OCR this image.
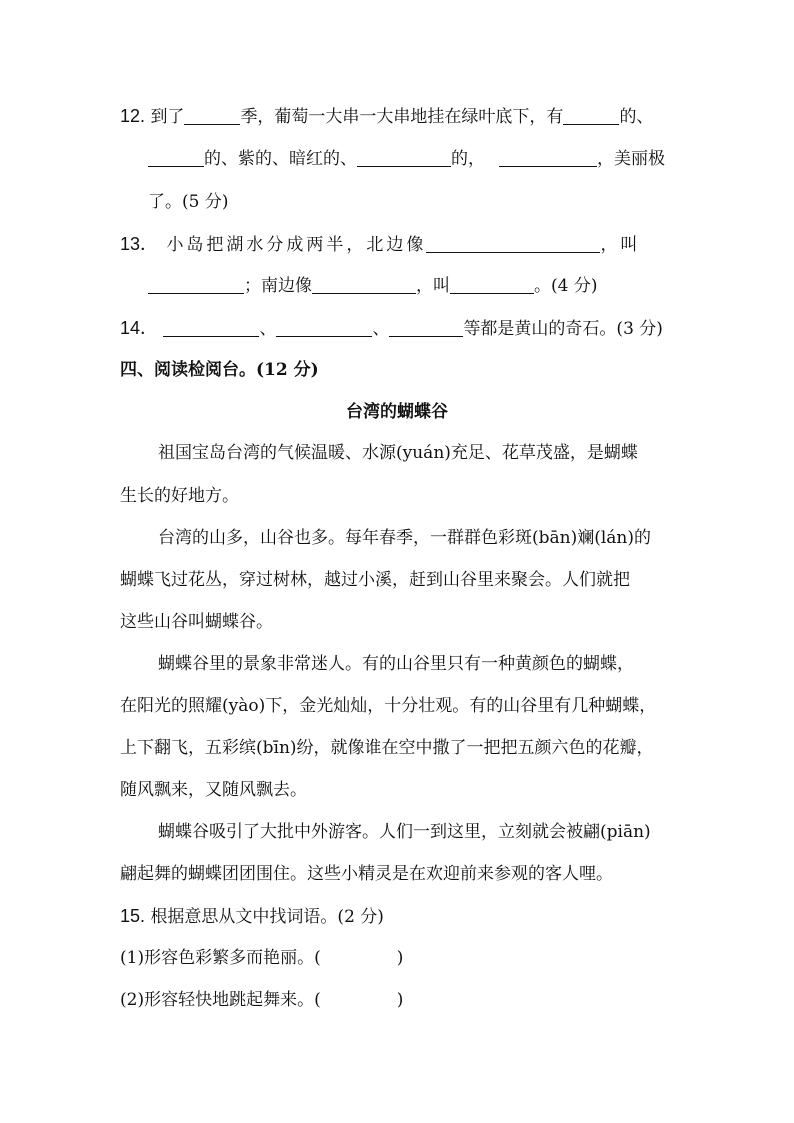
12. 到了	季，葡萄一大串一大串地挂在绿叶底下，有	的、
的、紫的、暗红的、	的，	，美丽极
了。(5 分)
13． 小岛把湖水分成两半，北边像	，叫
；南边像	，叫	。(4 分)
14．	、	、	等都是黄山的奇石。(3 分)
四、阅读检阅台。(12 分)
台湾的蝴蝶谷
祖国宝岛台湾的气候温暖、水源(yuán)充足、花草茂盛，是蝴蝶
生长的好地方。
台湾的山多，山谷也多。每年春季，一群群色彩斑(bān)斓(lán)的
蝴蝶飞过花丛，穿过树林，越过小溪，赶到山谷里来聚会。人们就把
这些山谷叫蝴蝶谷。
蝴蝶谷里的景象非常迷人。有的山谷里只有一种黄颜色的蝴蝶，
在阳光的照耀(yào)下，金光灿灿，十分壮观。有的山谷里有几种蝴蝶，
上下翻飞，五彩缤(bīn)纷，就像谁在空中撒了一把把五颜六色的花瓣，
随风飘来，又随风飘去。
蝴蝶谷吸引了大批中外游客。人们一到这里，立刻就会被翩(piān)
翩起舞的蝴蝶团团围住。这些小精灵是在欢迎前来参观的客人哩。
15. 根据意思从文中找词语。(2 分)
(1)形容色彩繁多而艳丽。(	)
(2)形容轻快地跳起舞来。(	)
